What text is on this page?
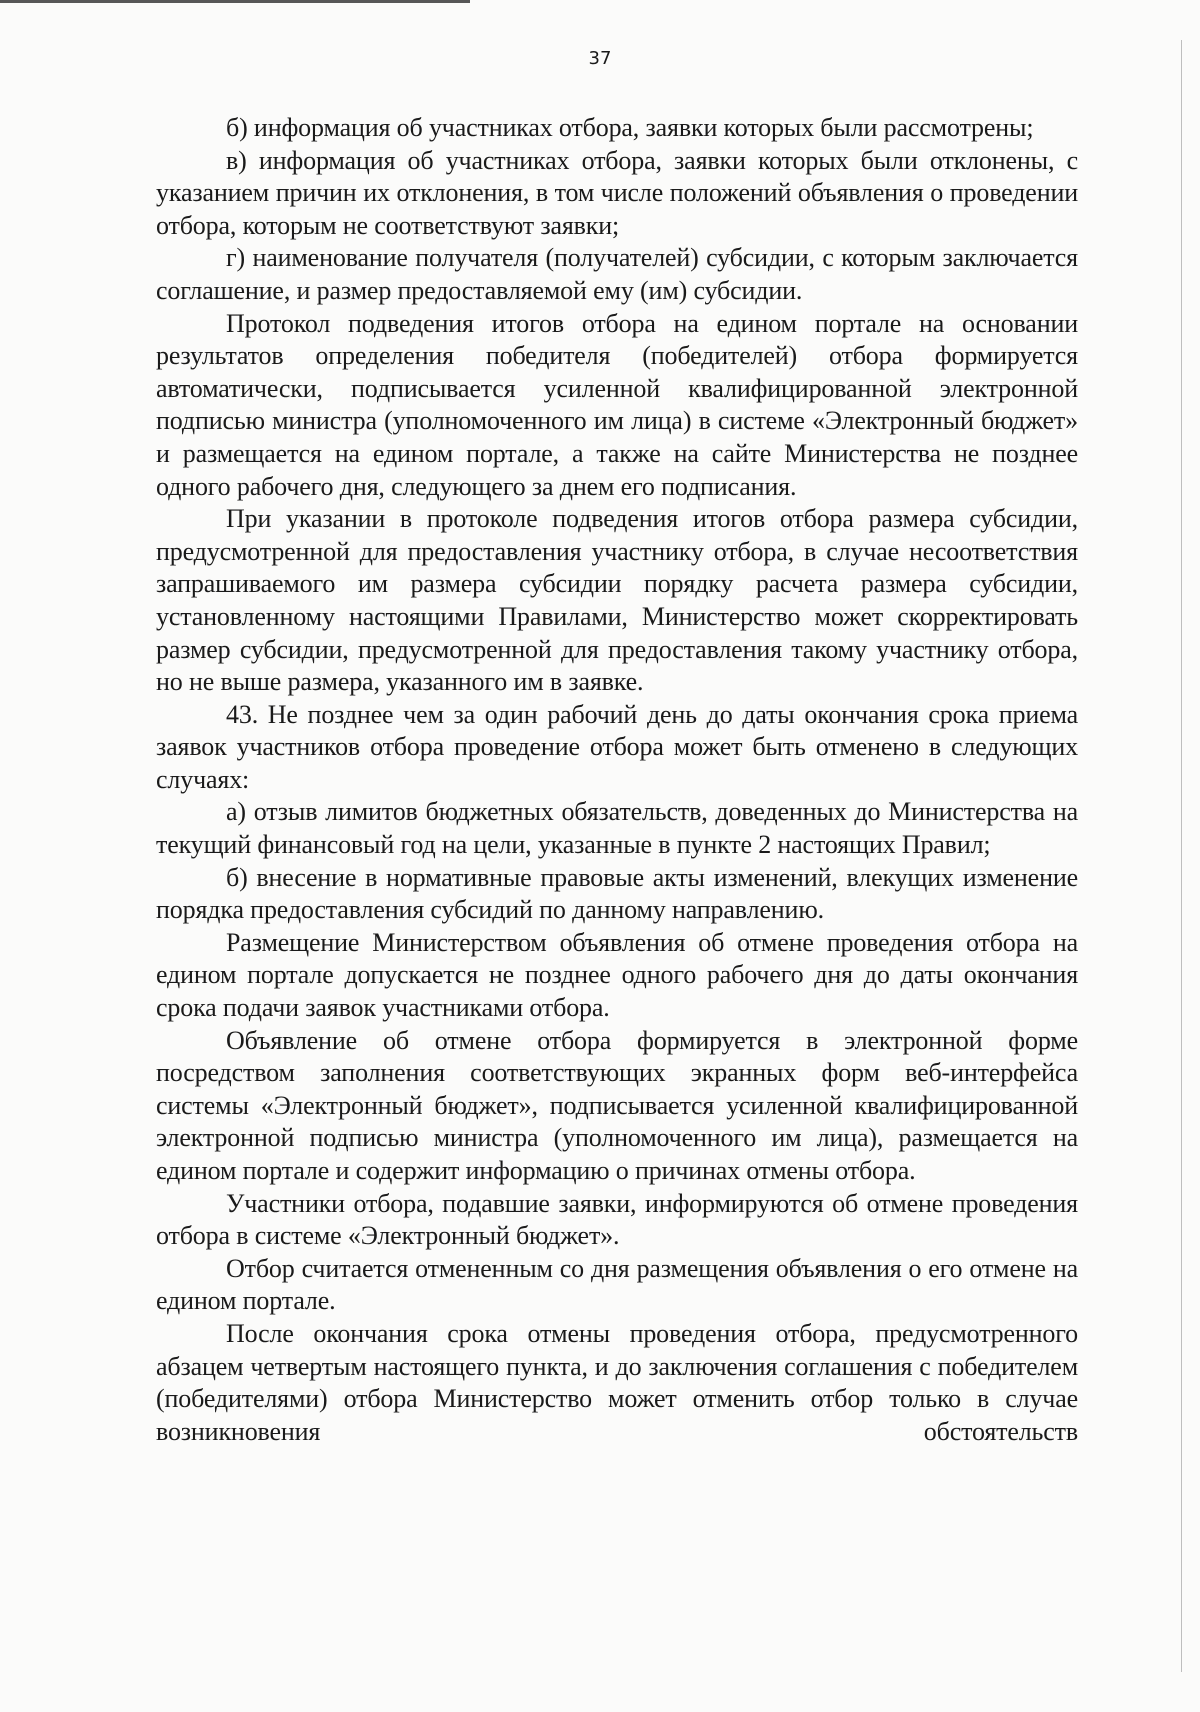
37

б) информация об участниках отбора, заявки которых были рассмотрены;

в) информация об участниках отбора, заявки которых были отклонены, с указанием причин их отклонения, в том числе положений объявления о проведении отбора, которым не соответствуют заявки;

г) наименование получателя (получателей) субсидии, с которым заключается соглашение, и размер предоставляемой ему (им) субсидии.

Протокол подведения итогов отбора на едином портале на основании результатов определения победителя (победителей) отбора формируется автоматически, подписывается усиленной квалифицированной электронной подписью министра (уполномоченного им лица) в системе «Электронный бюджет» и размещается на едином портале, а также на сайте Министерства не позднее одного рабочего дня, следующего за днем его подписания.

При указании в протоколе подведения итогов отбора размера субсидии, предусмотренной для предоставления участнику отбора, в случае несоответствия запрашиваемого им размера субсидии порядку расчета размера субсидии, установленному настоящими Правилами, Министерство может скорректировать размер субсидии, предусмотренной для предоставления такому участнику отбора, но не выше размера, указанного им в заявке.

43. Не позднее чем за один рабочий день до даты окончания срока приема заявок участников отбора проведение отбора может быть отменено в следующих случаях:

а) отзыв лимитов бюджетных обязательств, доведенных до Министерства на текущий финансовый год на цели, указанные в пункте 2 настоящих Правил;

б) внесение в нормативные правовые акты изменений, влекущих изменение порядка предоставления субсидий по данному направлению.

Размещение Министерством объявления об отмене проведения отбора на едином портале допускается не позднее одного рабочего дня до даты окончания срока подачи заявок участниками отбора.

Объявление об отмене отбора формируется в электронной форме посредством заполнения соответствующих экранных форм веб-интерфейса системы «Электронный бюджет», подписывается усиленной квалифицированной электронной подписью министра (уполномоченного им лица), размещается на едином портале и содержит информацию о причинах отмены отбора.

Участники отбора, подавшие заявки, информируются об отмене проведения отбора в системе «Электронный бюджет».

Отбор считается отмененным со дня размещения объявления о его отмене на едином портале.

После окончания срока отмены проведения отбора, предусмотренного абзацем четвертым настоящего пункта, и до заключения соглашения с победителем (победителями) отбора Министерство может отменить отбор только в случае возникновения обстоятельств
